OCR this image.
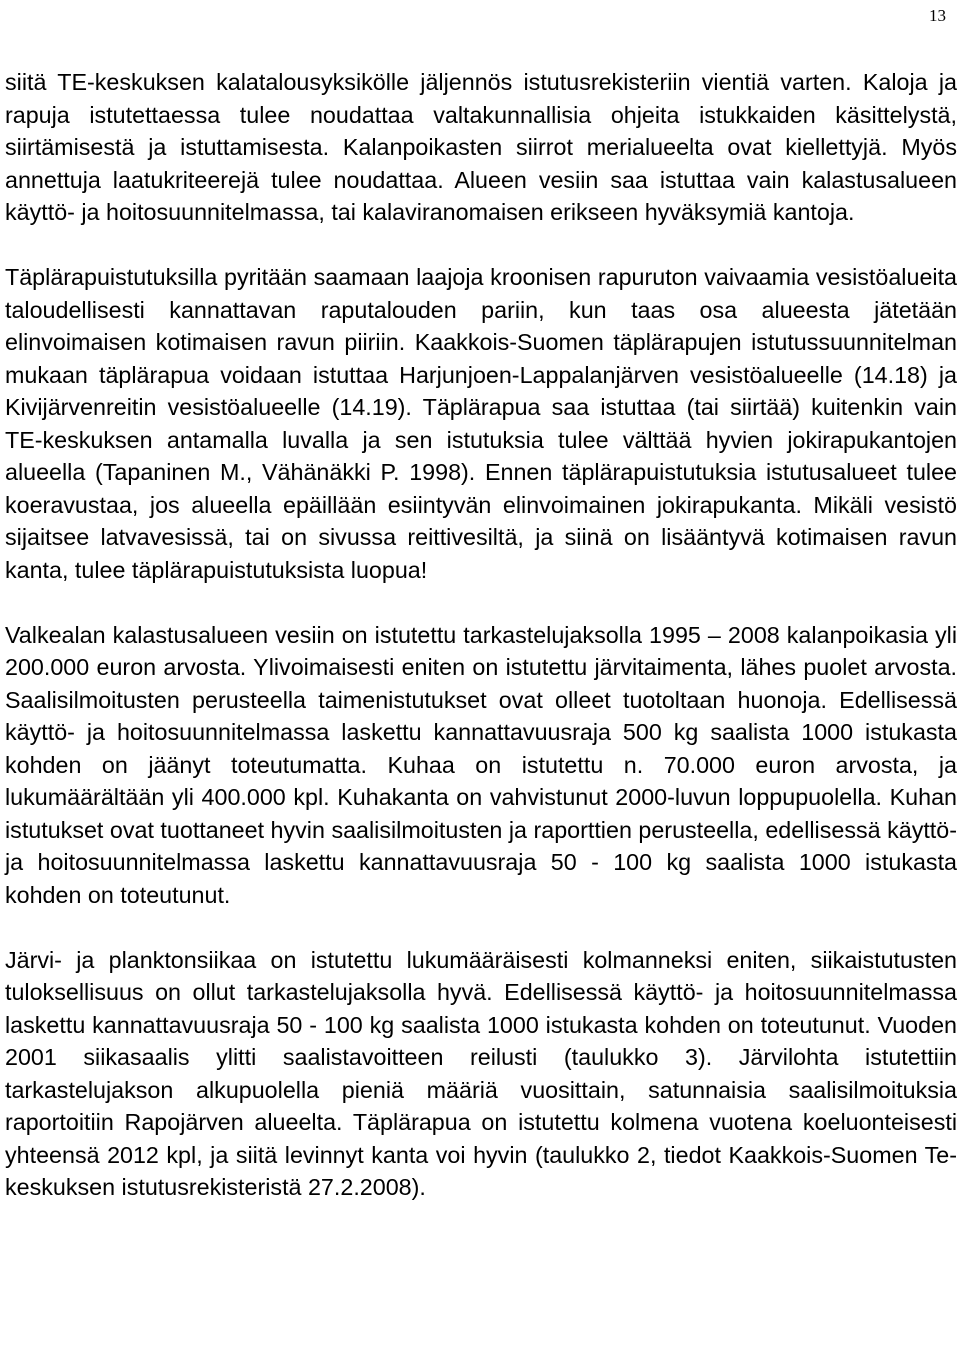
13

siitä TE-keskuksen kalatalousyksikölle jäljennös istutusrekisteriin vientiä varten. Kaloja ja rapuja istutettaessa tulee noudattaa valtakunnallisia ohjeita istukkaiden käsittelystä, siirtämisestä ja istuttamisesta. Kalanpoikasten siirrot merialueelta ovat kiellettyjä. Myös annettuja laatukriteerejä tulee noudattaa. Alueen vesiin saa istuttaa vain kalastusalueen käyttö- ja hoitosuunnitelmassa, tai kalaviranomaisen erikseen hyväksymiä kantoja.

Täplärapuistutuksilla pyritään saamaan laajoja kroonisen rapuruton vaivaamia vesistöalueita taloudellisesti kannattavan raputalouden pariin, kun taas osa alueesta jätetään elinvoimaisen kotimaisen ravun piiriin. Kaakkois-Suomen täplärapujen istutussuunnitelman mukaan täplärapua voidaan istuttaa Harjunjoen-Lappalanjärven vesistöalueelle (14.18) ja Kivijärvenreitin vesistöalueelle (14.19). Täplärapua saa istuttaa (tai siirtää) kuitenkin vain TE-keskuksen antamalla luvalla ja sen istutuksia tulee välttää hyvien jokirapukantojen alueella (Tapaninen M., Vähänäkki P. 1998). Ennen täplärapuistutuksia istutusalueet tulee koeravustaa, jos alueella epäillään esiintyvän elinvoimainen jokirapukanta. Mikäli vesistö sijaitsee latvavesissä, tai on sivussa reittivesiltä, ja siinä on lisääntyvä kotimaisen ravun kanta, tulee täplärapuistutuksista luopua!

Valkealan kalastusalueen vesiin on istutettu tarkastelujaksolla 1995 – 2008 kalanpoikasia yli 200.000 euron arvosta. Ylivoimaisesti eniten on istutettu järvitaimenta, lähes puolet arvosta. Saalisilmoitusten perusteella taimenistutukset ovat olleet tuotoltaan huonoja. Edellisessä käyttö- ja hoitosuunnitelmassa laskettu kannattavuusraja 500 kg saalista 1000 istukasta kohden on jäänyt toteutumatta. Kuhaa on istutettu n. 70.000 euron arvosta, ja lukumäärältään yli 400.000 kpl. Kuhakanta on vahvistunut 2000-luvun loppupuolella. Kuhan istutukset ovat tuottaneet hyvin saalisilmoitusten ja raporttien perusteella, edellisessä käyttö- ja hoitosuunnitelmassa laskettu kannattavuusraja 50 - 100 kg saalista 1000 istukasta kohden on toteutunut.

Järvi- ja planktonsiikaa on istutettu lukumääräisesti kolmanneksi eniten, siikaistutusten tuloksellisuus on ollut tarkastelujaksolla hyvä. Edellisessä käyttö- ja hoitosuunnitelmassa laskettu kannattavuusraja 50 - 100 kg saalista 1000 istukasta kohden on toteutunut. Vuoden 2001 siikasaalis ylitti saalistavoitteen reilusti (taulukko 3). Järvilohta istutettiin tarkastelujakson alkupuolella pieniä määriä vuosittain, satunnaisia saalisilmoituksia raportoitiin Rapojärven alueelta. Täplärapua on istutettu kolmena vuotena koeluonteisesti yhteensä 2012 kpl, ja siitä levinnyt kanta voi hyvin (taulukko 2, tiedot Kaakkois-Suomen Te-keskuksen istutusrekisteristä 27.2.2008).
